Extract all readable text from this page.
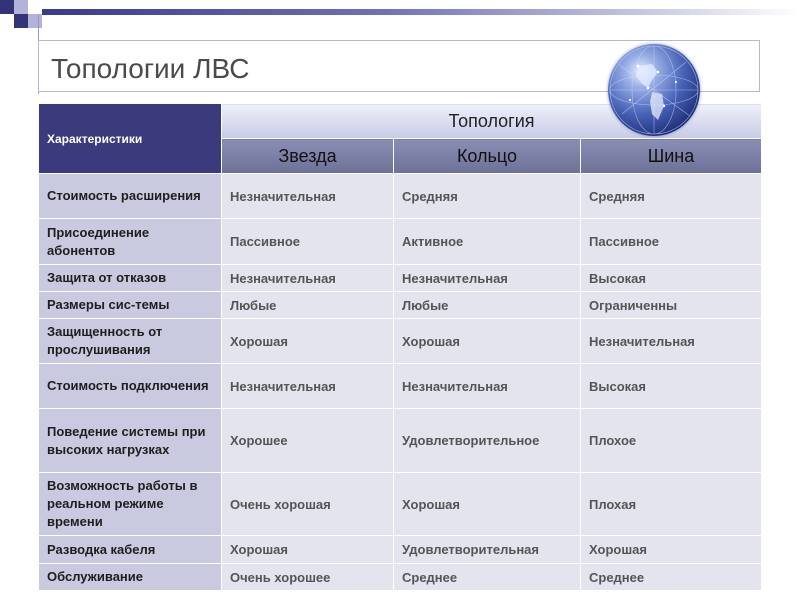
Топологии ЛВС
Характеристики	Топология		
	Звезда	Кольцо	Шина
Стоимость расширения	Незначительная	Средняя	Средняя
Присоединение абонентов	Пассивное	Активное	Пассивное
Защита от отказов	Незначительная	Незначительная	Высокая
Размеры сис-темы	Любые	Любые	Ограниченны
Защищенность от прослушивания	Хорошая	Хорошая	Незначительная
Стоимость подключения	Незначительная	Незначительная	Высокая
Поведение системы при высоких нагрузках	Хорошее	Удовлетворительное	Плохое
Возможность работы в реальном режиме времени	Очень хорошая	Хорошая	Плохая
Разводка кабеля	Хорошая	Удовлетворительная	Хорошая
Обслуживание	Очень хорошее	Среднее	Среднее
